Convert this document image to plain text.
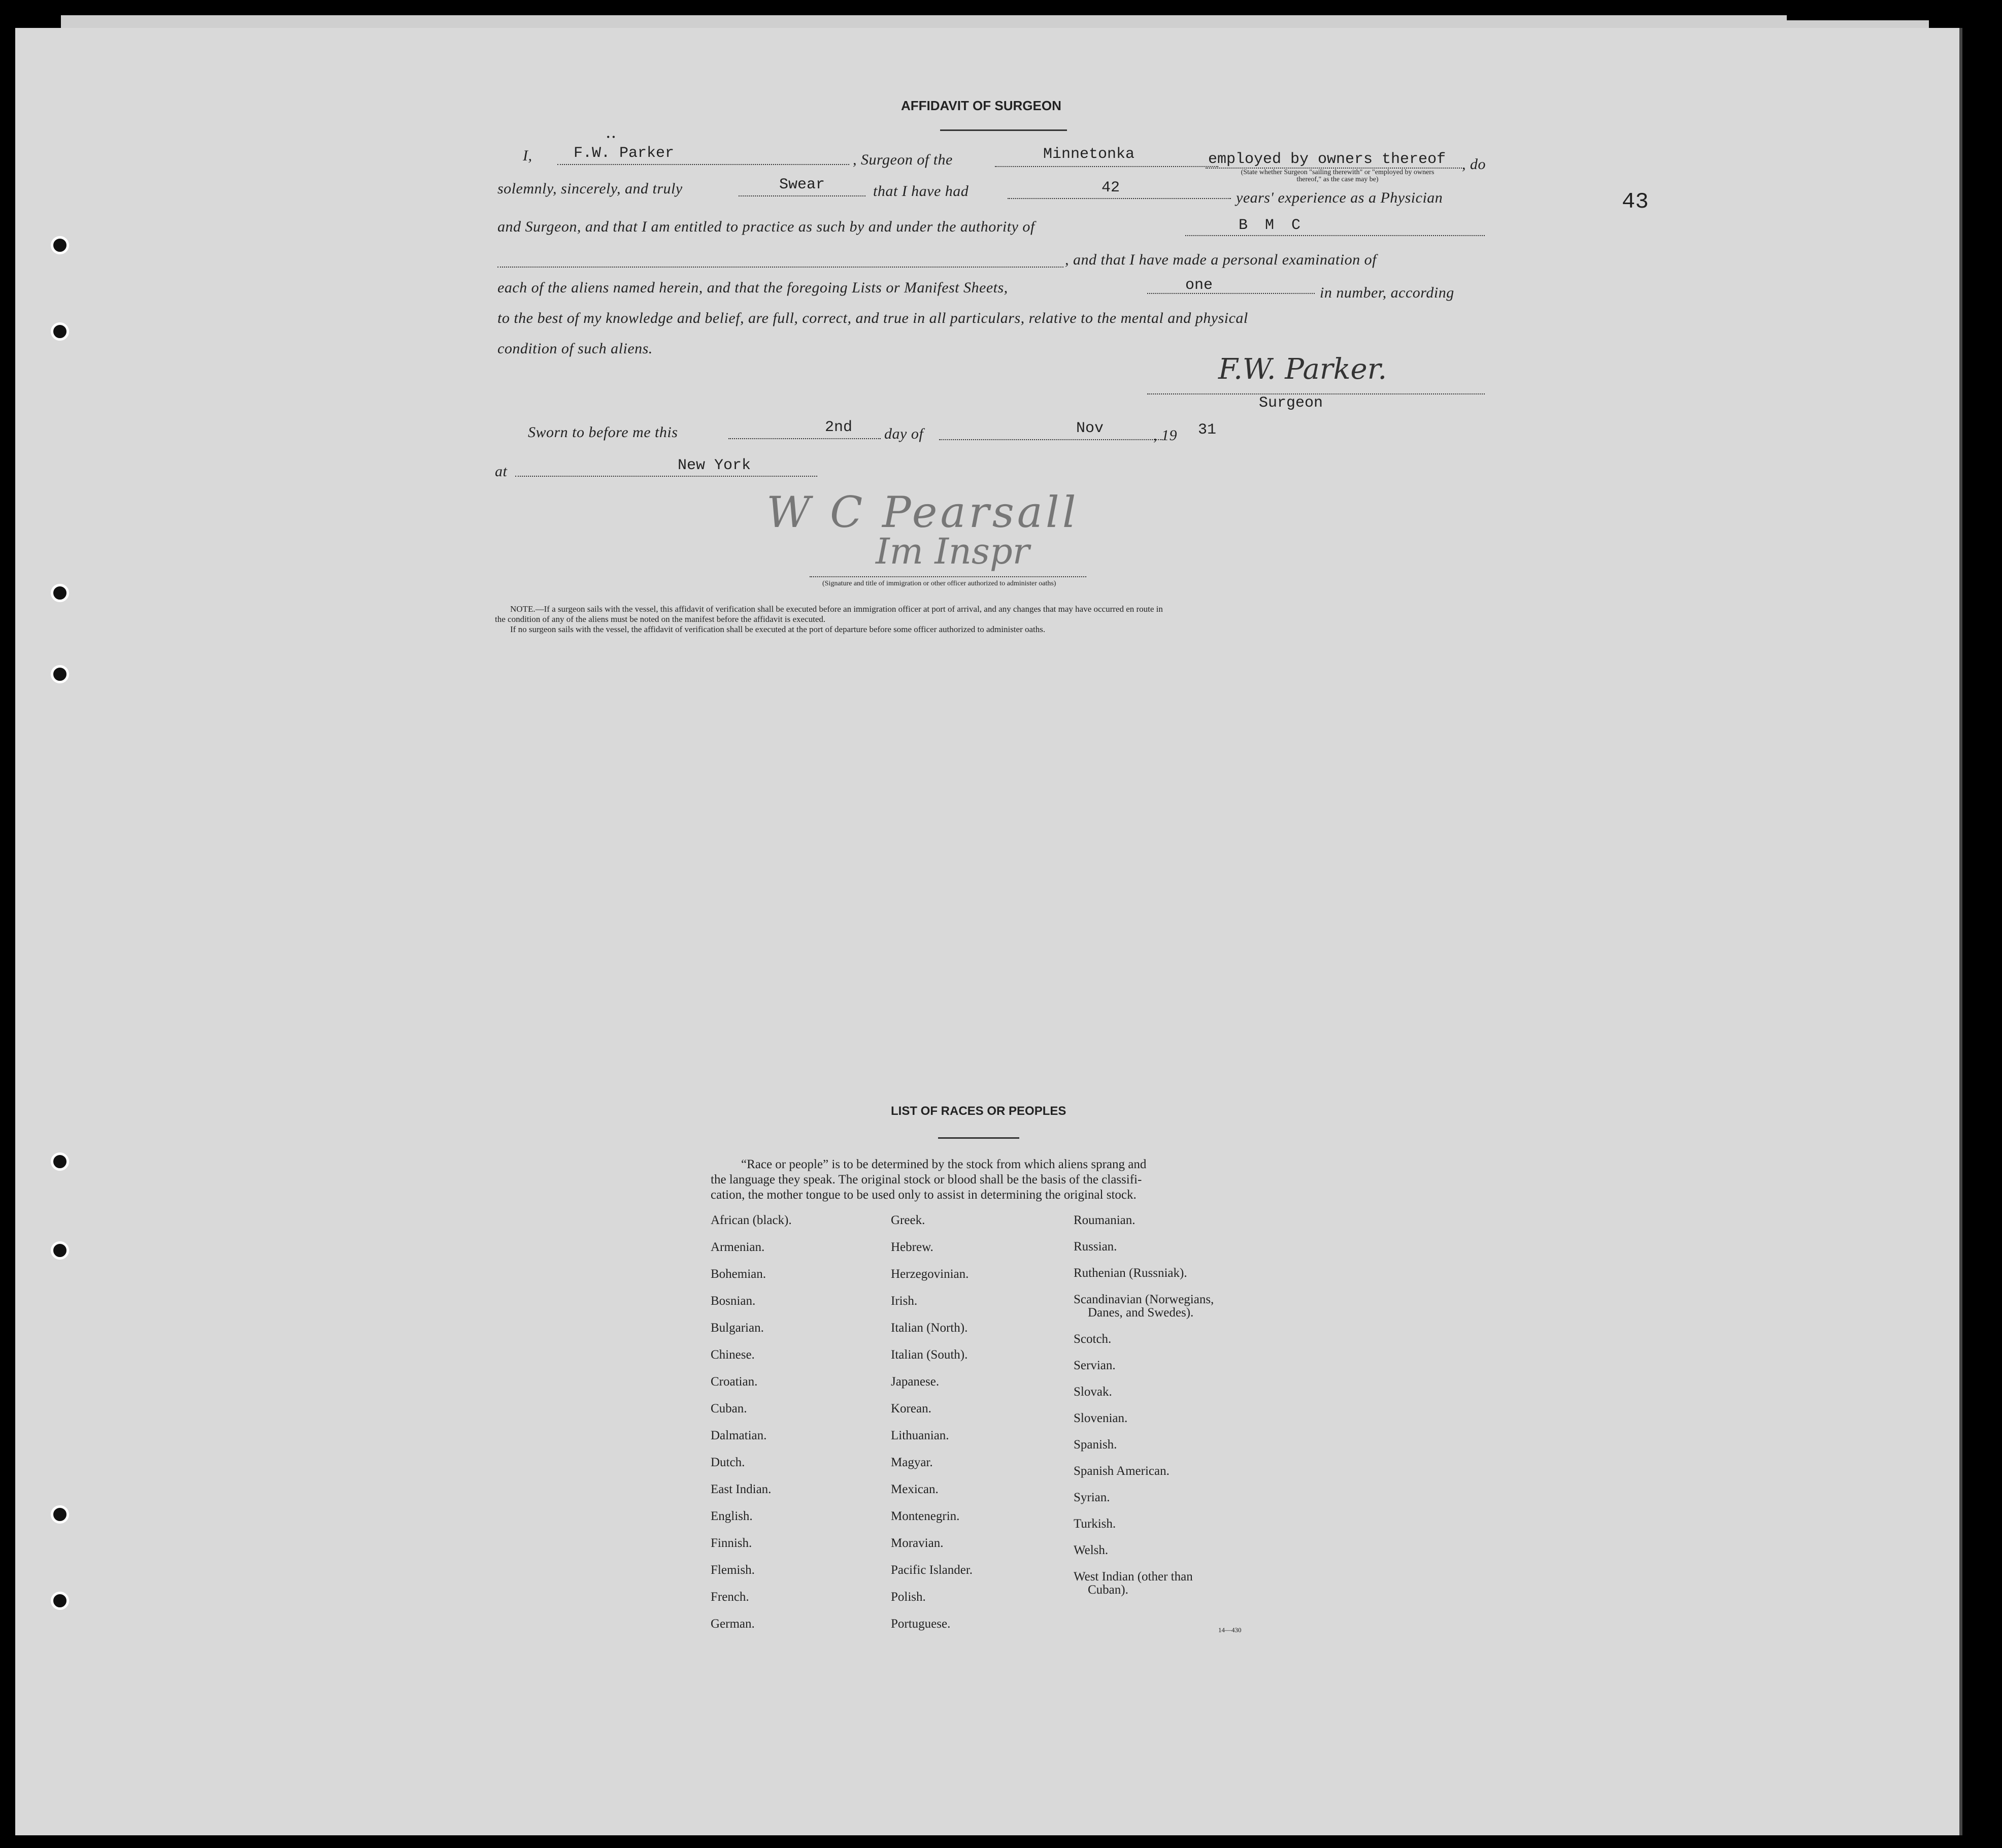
43
AFFIDAVIT OF SURGEON
• •
I,	F.W. Parker	, Surgeon of the	Minnetonka	employed by owners thereof , do
(State whether Surgeon "sailing therewith" or "employed by owners thereof," as the case may be)
solemnly, sincerely, and truly	Swear	that I have had	42
years' experience as a Physician
and Surgeon, and that I am entitled to practice as such by and under the authority of	B M C
, and that I have made a personal examination of
each of the aliens named herein, and that the foregoing Lists or Manifest Sheets,	one	in number, according
to the best of my knowledge and belief, are full, correct, and true in all particulars, relative to the mental and physical
condition of such aliens.
F.W. Parker.
Surgeon
Sworn to before me this	2nd day of	Nov	, 19 31
at	New York
W C Pearsall
Im Inspr
(Signature and title of immigration or other officer authorized to administer oaths)
NOTE.—If a surgeon sails with the vessel, this affidavit of verification shall be executed before an immigration officer at port of arrival, and any changes that may have occurred en route in
the condition of any of the aliens must be noted on the manifest before the affidavit is executed.
If no surgeon sails with the vessel, the affidavit of verification shall be executed at the port of departure before some officer authorized to administer oaths.
LIST OF RACES OR PEOPLES
“Race or people” is to be determined by the stock from which aliens sprang and
the language they speak. The original stock or blood shall be the basis of the classifi-
cation, the mother tongue to be used only to assist in determining the original stock.
African (black).
Armenian.
Bohemian.
Bosnian.
Bulgarian.
Chinese.
Croatian.
Cuban.
Dalmatian.
Dutch.
East Indian.
English.
Finnish.
Flemish.
French.
German.
Greek.
Hebrew.
Herzegovinian.
Irish.
Italian (North).
Italian (South).
Japanese.
Korean.
Lithuanian.
Magyar.
Mexican.
Montenegrin.
Moravian.
Pacific Islander.
Polish.
Portuguese.
Roumanian.
Russian.
Ruthenian (Russniak).
Scandinavian (Norwegians,
Danes, and Swedes).
Scotch.
Servian.
Slovak.
Slovenian.
Spanish.
Spanish American.
Syrian.
Turkish.
Welsh.
West Indian (other than
Cuban).
14—430
